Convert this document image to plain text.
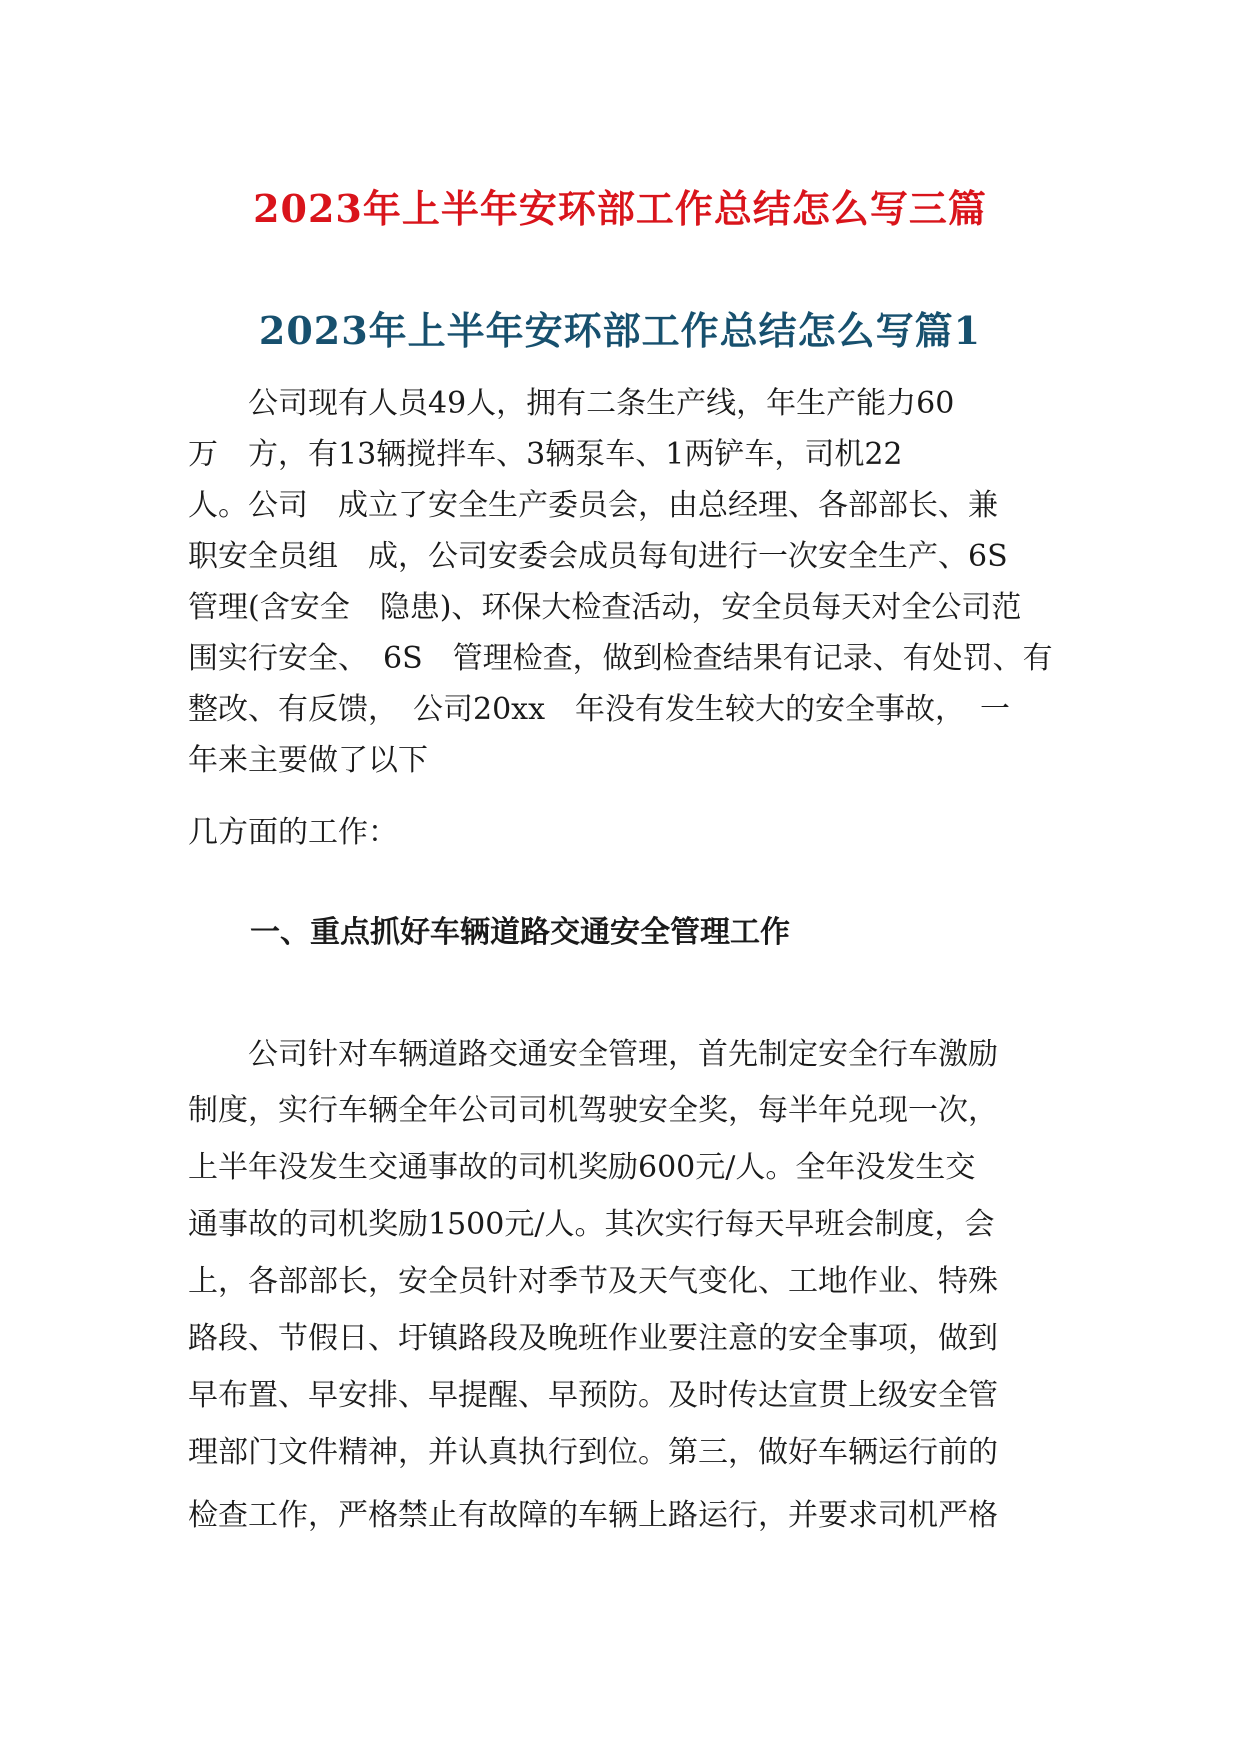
2023年上半年安环部工作总结怎么写三篇
2023年上半年安环部工作总结怎么写篇1

　　公司现有人员49人，拥有二条生产线，年生产能力60

万　方，有13辆搅拌车、3辆泵车、1两铲车，司机22

人。公司　成立了安全生产委员会，由总经理、各部部长、兼

职安全员组　成，公司安委会成员每旬进行一次安全生产、6S

管理(含安全　隐患)、环保大检查活动，安全员每天对全公司范

围实行安全、　6S　管理检查，做到检查结果有记录、有处罚、有

整改、有反馈，　公司20xx　年没有发生较大的安全事故，　一

年来主要做了以下

几方面的工作：

一、重点抓好车辆道路交通安全管理工作

　　公司针对车辆道路交通安全管理，首先制定安全行车激励

制度，实行车辆全年公司司机驾驶安全奖，每半年兑现一次，

上半年没发生交通事故的司机奖励600元/人。全年没发生交

通事故的司机奖励1500元/人。其次实行每天早班会制度，会

上，各部部长，安全员针对季节及天气变化、工地作业、特殊

路段、节假日、圩镇路段及晚班作业要注意的安全事项，做到

早布置、早安排、早提醒、早预防。及时传达宣贯上级安全管

理部门文件精神，并认真执行到位。第三，做好车辆运行前的

检查工作，严格禁止有故障的车辆上路运行，并要求司机严格
